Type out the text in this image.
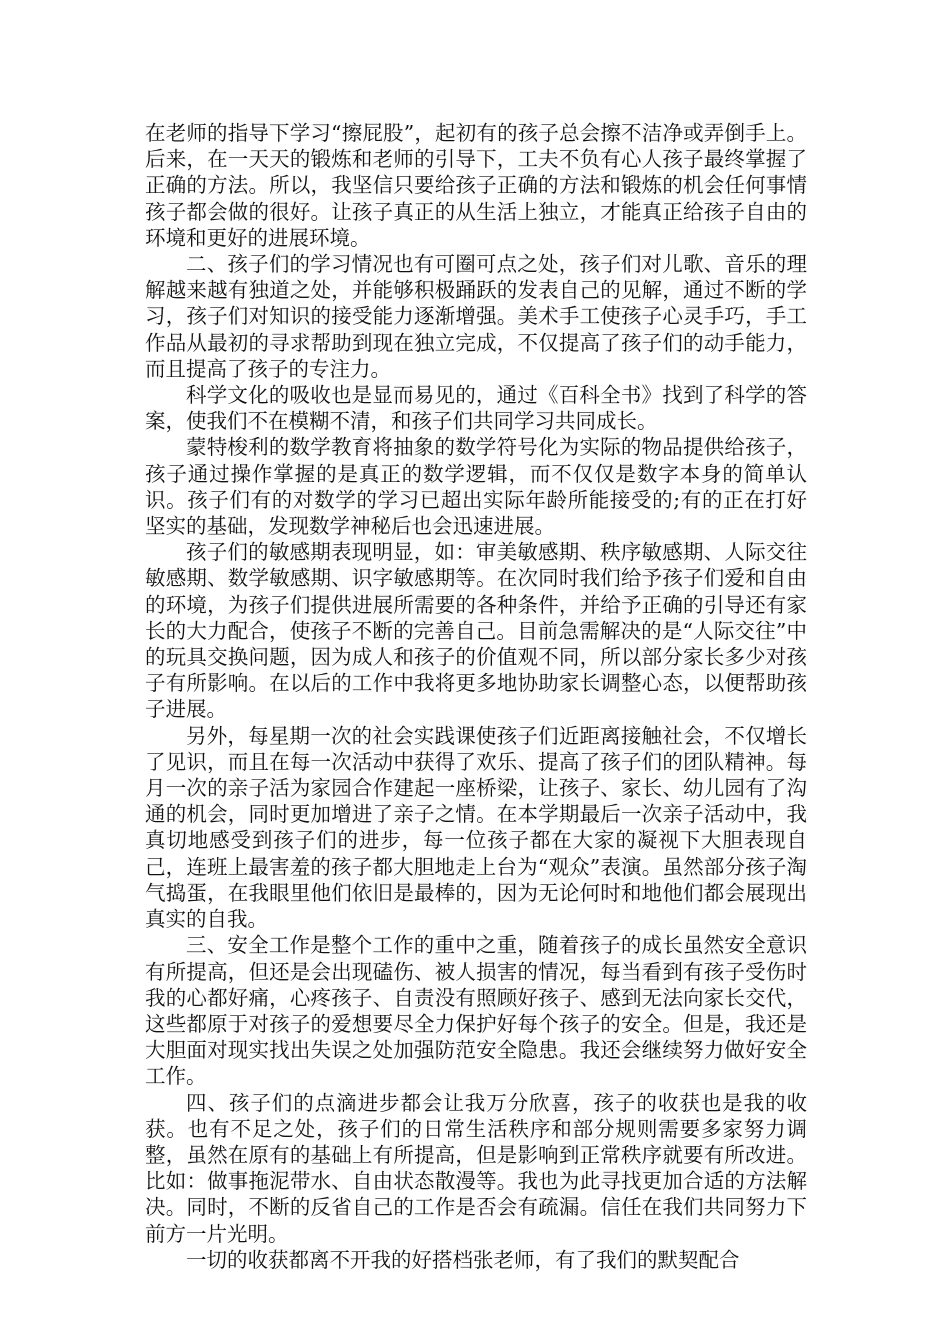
在老师的指导下学习“擦屁股”，起初有的孩子总会擦不洁净或弄倒手上。后来，在一天天的锻炼和老师的引导下，工夫不负有心人孩子最终掌握了正确的方法。所以，我坚信只要给孩子正确的方法和锻炼的机会任何事情孩子都会做的很好。让孩子真正的从生活上独立，才能真正给孩子自由的环境和更好的进展环境。

二、孩子们的学习情况也有可圈可点之处，孩子们对儿歌、音乐的理解越来越有独道之处，并能够积极踊跃的发表自己的见解，通过不断的学习，孩子们对知识的接受能力逐渐增强。美术手工使孩子心灵手巧，手工作品从最初的寻求帮助到现在独立完成，不仅提高了孩子们的动手能力，而且提高了孩子的专注力。

科学文化的吸收也是显而易见的，通过《百科全书》找到了科学的答案，使我们不在模糊不清，和孩子们共同学习共同成长。

蒙特梭利的数学教育将抽象的数学符号化为实际的物品提供给孩子，孩子通过操作掌握的是真正的数学逻辑，而不仅仅是数字本身的简单认识。孩子们有的对数学的学习已超出实际年龄所能接受的;有的正在打好坚实的基础，发现数学神秘后也会迅速进展。

孩子们的敏感期表现明显，如：审美敏感期、秩序敏感期、人际交往敏感期、数学敏感期、识字敏感期等。在次同时我们给予孩子们爱和自由的环境，为孩子们提供进展所需要的各种条件，并给予正确的引导还有家长的大力配合，使孩子不断的完善自己。目前急需解决的是“人际交往”中的玩具交换问题，因为成人和孩子的价值观不同，所以部分家长多少对孩子有所影响。在以后的工作中我将更多地协助家长调整心态，以便帮助孩子进展。

另外，每星期一次的社会实践课使孩子们近距离接触社会，不仅增长了见识，而且在每一次活动中获得了欢乐、提高了孩子们的团队精神。每月一次的亲子活为家园合作建起一座桥梁，让孩子、家长、幼儿园有了沟通的机会，同时更加增进了亲子之情。在本学期最后一次亲子活动中，我真切地感受到孩子们的进步，每一位孩子都在大家的凝视下大胆表现自己，连班上最害羞的孩子都大胆地走上台为“观众”表演。虽然部分孩子淘气捣蛋，在我眼里他们依旧是最棒的，因为无论何时和地他们都会展现出真实的自我。

三、安全工作是整个工作的重中之重，随着孩子的成长虽然安全意识有所提高，但还是会出现磕伤、被人损害的情况，每当看到有孩子受伤时我的心都好痛，心疼孩子、自责没有照顾好孩子、感到无法向家长交代，这些都原于对孩子的爱想要尽全力保护好每个孩子的安全。但是，我还是大胆面对现实找出失误之处加强防范安全隐患。我还会继续努力做好安全工作。

四、孩子们的点滴进步都会让我万分欣喜，孩子的收获也是我的收获。也有不足之处，孩子们的日常生活秩序和部分规则需要多家努力调整，虽然在原有的基础上有所提高，但是影响到正常秩序就要有所改进。比如：做事拖泥带水、自由状态散漫等。我也为此寻找更加合适的方法解决。同时，不断的反省自己的工作是否会有疏漏。信任在我们共同努力下前方一片光明。

一切的收获都离不开我的好搭档张老师，有了我们的默契配合
